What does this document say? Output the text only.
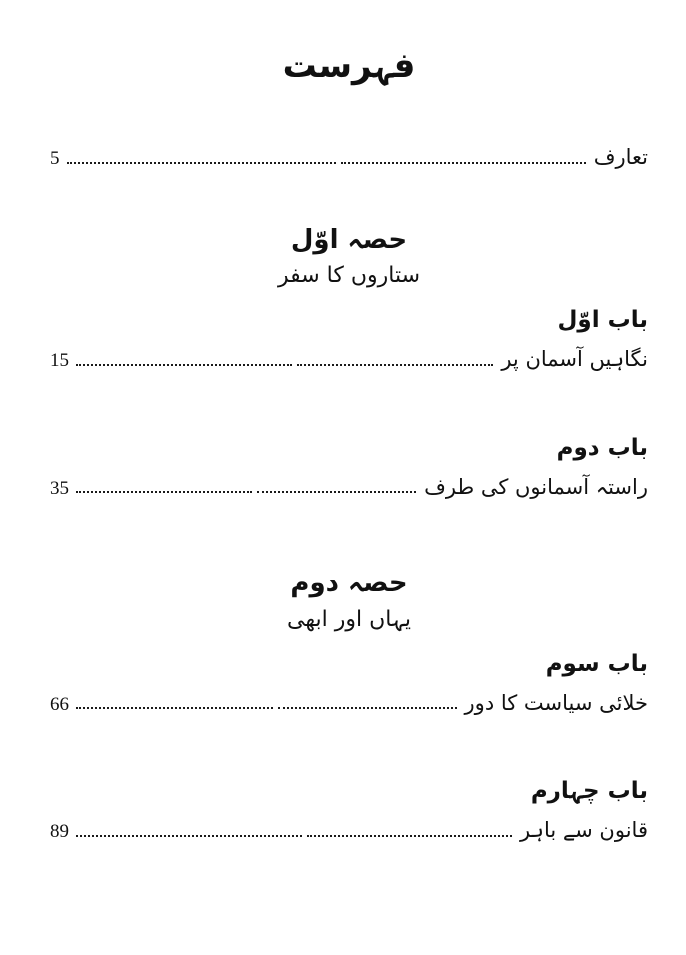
فہرست
تعارف
5
حصہ اوّل
ستاروں کا سفر
باب اوّل
نگاہیں آسمان پر
15
باب دوم
راستہ آسمانوں کی طرف
35
حصہ دوم
یہاں اور ابھی
باب سوم
خلائی سیاست کا دور
66
باب چہارم
قانون سے باہر
89
